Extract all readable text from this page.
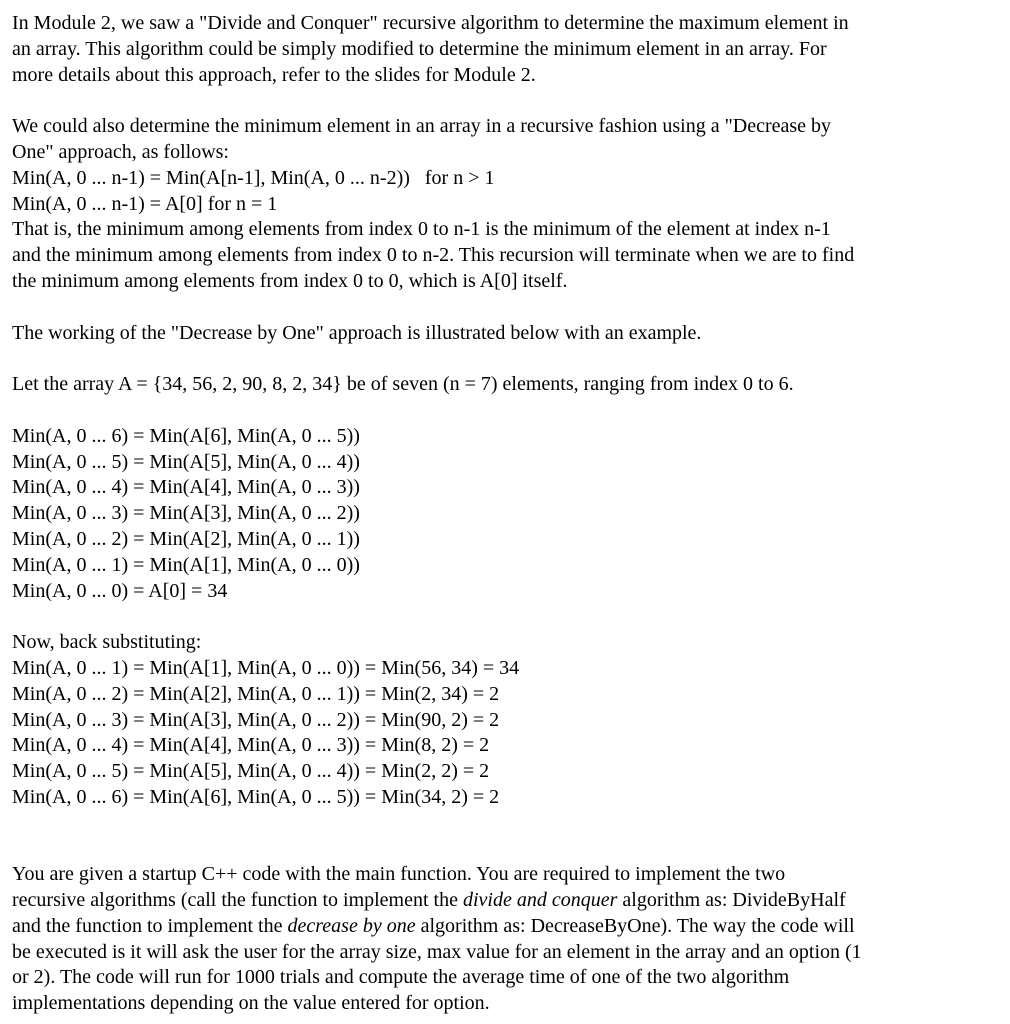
In Module 2, we saw a "Divide and Conquer" recursive algorithm to determine the maximum element in
an array. This algorithm could be simply modified to determine the minimum element in an array. For
more details about this approach, refer to the slides for Module 2.
We could also determine the minimum element in an array in a recursive fashion using a "Decrease by
One" approach, as follows:
Min(A, 0 ... n-1) = Min(A[n-1], Min(A, 0 ... n-2))   for n > 1
Min(A, 0 ... n-1) = A[0] for n = 1
That is, the minimum among elements from index 0 to n-1 is the minimum of the element at index n-1
and the minimum among elements from index 0 to n-2. This recursion will terminate when we are to find
the minimum among elements from index 0 to 0, which is A[0] itself.
The working of the "Decrease by One" approach is illustrated below with an example.
Let the array A = {34, 56, 2, 90, 8, 2, 34} be of seven (n = 7) elements, ranging from index 0 to 6.
Min(A, 0 ... 6) = Min(A[6], Min(A, 0 ... 5))
Min(A, 0 ... 5) = Min(A[5], Min(A, 0 ... 4))
Min(A, 0 ... 4) = Min(A[4], Min(A, 0 ... 3))
Min(A, 0 ... 3) = Min(A[3], Min(A, 0 ... 2))
Min(A, 0 ... 2) = Min(A[2], Min(A, 0 ... 1))
Min(A, 0 ... 1) = Min(A[1], Min(A, 0 ... 0))
Min(A, 0 ... 0) = A[0] = 34
Now, back substituting:
Min(A, 0 ... 1) = Min(A[1], Min(A, 0 ... 0)) = Min(56, 34) = 34
Min(A, 0 ... 2) = Min(A[2], Min(A, 0 ... 1)) = Min(2, 34) = 2
Min(A, 0 ... 3) = Min(A[3], Min(A, 0 ... 2)) = Min(90, 2) = 2
Min(A, 0 ... 4) = Min(A[4], Min(A, 0 ... 3)) = Min(8, 2) = 2
Min(A, 0 ... 5) = Min(A[5], Min(A, 0 ... 4)) = Min(2, 2) = 2
Min(A, 0 ... 6) = Min(A[6], Min(A, 0 ... 5)) = Min(34, 2) = 2
You are given a startup C++ code with the main function. You are required to implement the two
recursive algorithms (call the function to implement the divide and conquer algorithm as: DivideByHalf
and the function to implement the decrease by one algorithm as: DecreaseByOne). The way the code will
be executed is it will ask the user for the array size, max value for an element in the array and an option (1
or 2). The code will run for 1000 trials and compute the average time of one of the two algorithm
implementations depending on the value entered for option.
